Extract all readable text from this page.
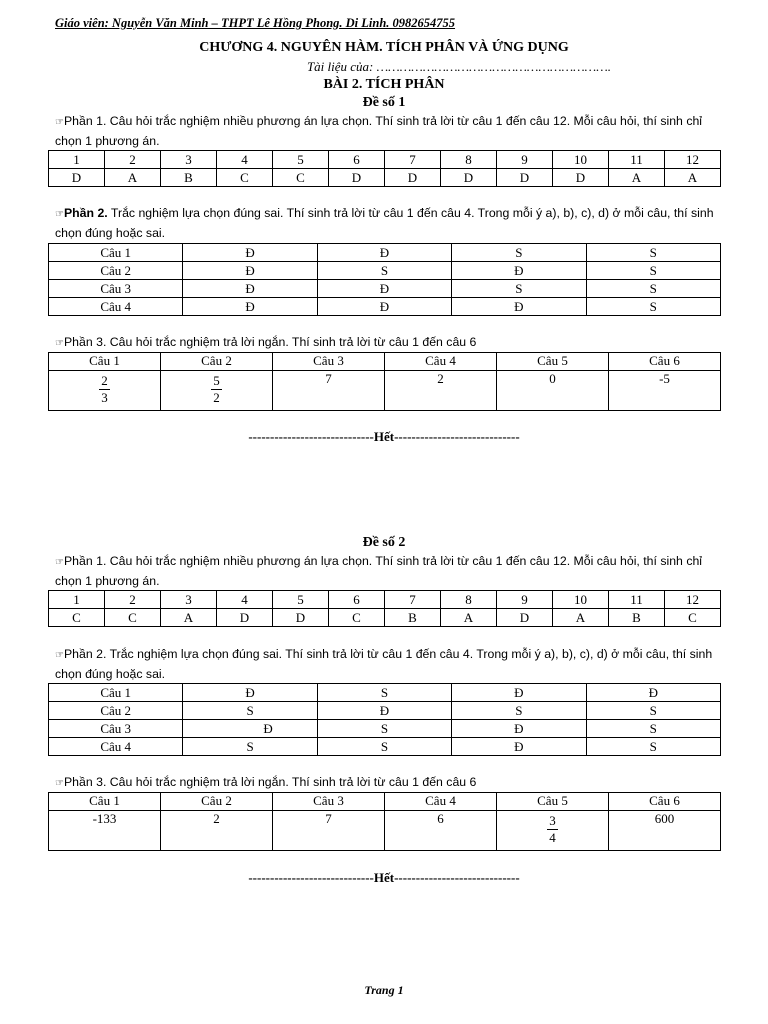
Giáo viên: Nguyễn Văn Minh – THPT Lê Hồng Phong. Di Linh. 0982654755
CHƯƠNG 4. NGUYÊN HÀM. TÍCH PHÂN VÀ ỨNG DỤNG
Tài liệu của: …………………………………………………….
BÀI 2. TÍCH PHÂN
Đề số 1
☞Phần 1. Câu hỏi trắc nghiệm nhiều phương án lựa chọn. Thí sinh trả lời từ câu 1 đến câu 12. Mỗi câu hỏi, thí sinh chỉ chọn 1 phương án.
1	2	3	4	5	6	7	8	9	10	11	12
D	A	B	C	C	D	D	D	D	D	A	A
☞Phần 2. Trắc nghiệm lựa chọn đúng sai. Thí sinh trả lời từ câu 1 đến câu 4. Trong mỗi ý a), b), c), d) ở mỗi câu, thí sinh chọn đúng hoặc sai.
Câu 1	Đ	Đ	S	S
Câu 2	Đ	S	Đ	S
Câu 3	Đ	Đ	S	S
Câu 4	Đ	Đ	Đ	S
☞Phần 3. Câu hỏi trắc nghiệm trả lời ngắn. Thí sinh trả lời từ câu 1 đến câu 6
Câu 1	Câu 2	Câu 3	Câu 4	Câu 5	Câu 6

$\frac{2}{3}$	$\frac{5}{2}$	7	2	0	-5
-----------------------------Hết-----------------------------
Đề số 2
☞Phần 1. Câu hỏi trắc nghiệm nhiều phương án lựa chọn. Thí sinh trả lời từ câu 1 đến câu 12. Mỗi câu hỏi, thí sinh chỉ chọn 1 phương án.
1	2	3	4	5	6	7	8	9	10	11	12
C	C	A	D	D	C	B	A	D	A	B	C
☞Phần 2. Trắc nghiệm lựa chọn đúng sai. Thí sinh trả lời từ câu 1 đến câu 4. Trong mỗi ý a), b), c), d) ở mỗi câu, thí sinh chọn đúng hoặc sai.
Câu 1	Đ	S	Đ	Đ
Câu 2	S	Đ	S	S
Câu 3	Đ	S	Đ	S
Câu 4	S	S	Đ	S
☞Phần 3. Câu hỏi trắc nghiệm trả lời ngắn. Thí sinh trả lời từ câu 1 đến câu 6
Câu 1	Câu 2	Câu 3	Câu 4	Câu 5	Câu 6
-133	2	7	6	$\frac{3}{4}$	600
-----------------------------Hết-----------------------------
Trang 1
